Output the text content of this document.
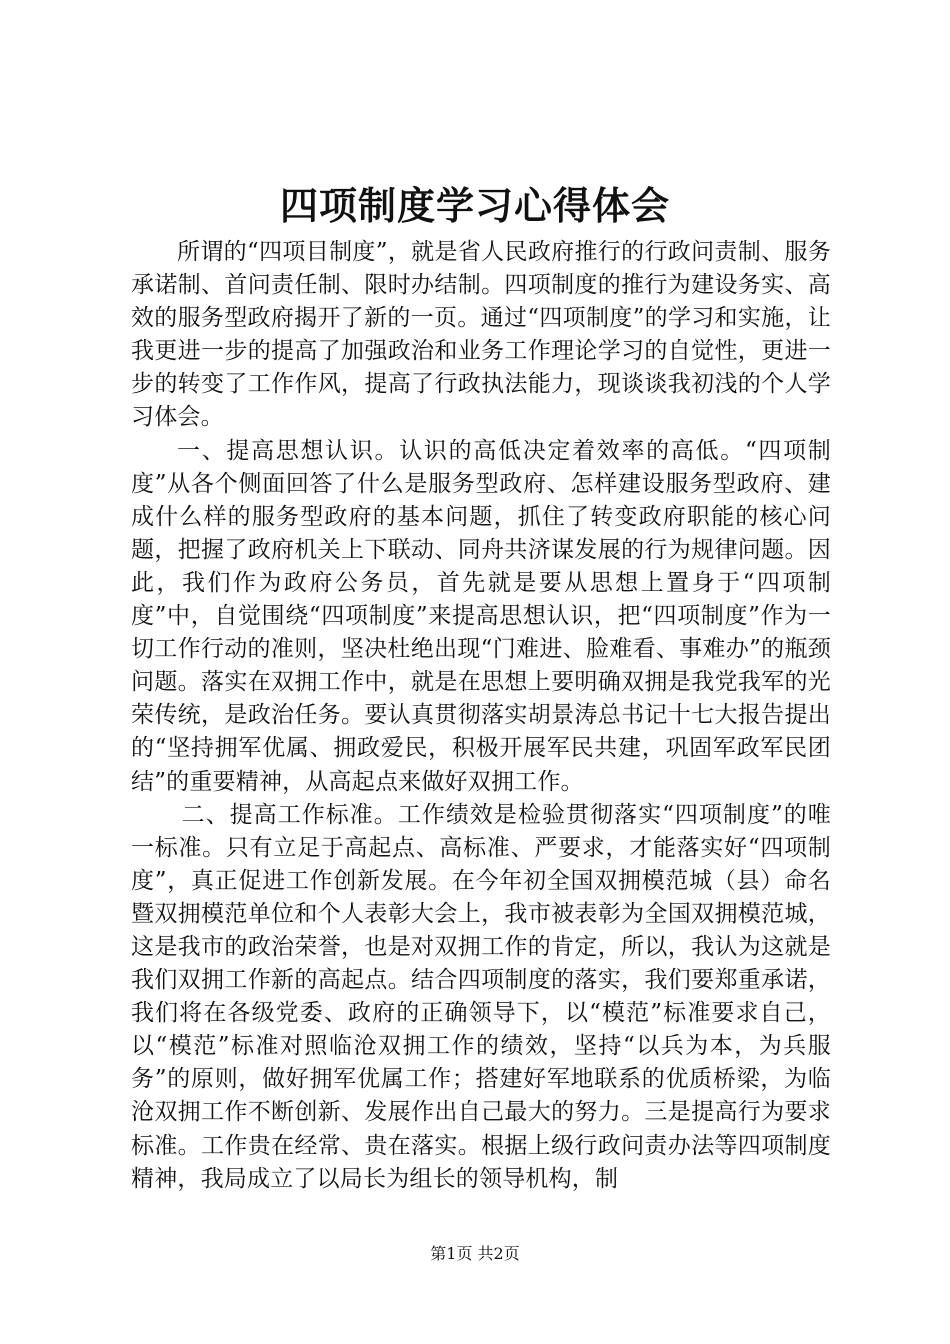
四项制度学习心得体会

所谓的“四项目制度”，就是省人民政府推行的行政问责制、服务承诺制、首问责任制、限时办结制。四项制度的推行为建设务实、高效的服务型政府揭开了新的一页。通过“四项制度”的学习和实施，让我更进一步的提高了加强政治和业务工作理论学习的自觉性，更进一步的转变了工作作风，提高了行政执法能力，现谈谈我初浅的个人学习体会。

一、提高思想认识。认识的高低决定着效率的高低。“四项制度”从各个侧面回答了什么是服务型政府、怎样建设服务型政府、建成什么样的服务型政府的基本问题，抓住了转变政府职能的核心问题，把握了政府机关上下联动、同舟共济谋发展的行为规律问题。因此，我们作为政府公务员，首先就是要从思想上置身于“四项制度”中，自觉围绕“四项制度”来提高思想认识，把“四项制度”作为一切工作行动的准则，坚决杜绝出现“门难进、脸难看、事难办”的瓶颈问题。落实在双拥工作中，就是在思想上要明确双拥是我党我军的光荣传统，是政治任务。要认真贯彻落实胡景涛总书记十七大报告提出的“坚持拥军优属、拥政爱民，积极开展军民共建，巩固军政军民团结”的重要精神，从高起点来做好双拥工作。

二、提高工作标准。工作绩效是检验贯彻落实“四项制度”的唯一标准。只有立足于高起点、高标准、严要求，才能落实好“四项制度”，真正促进工作创新发展。在今年初全国双拥模范城（县）命名暨双拥模范单位和个人表彰大会上，我市被表彰为全国双拥模范城，这是我市的政治荣誉，也是对双拥工作的肯定，所以，我认为这就是我们双拥工作新的高起点。结合四项制度的落实，我们要郑重承诺，我们将在各级党委、政府的正确领导下，以“模范”标准要求自己，以“模范”标准对照临沧双拥工作的绩效，坚持“以兵为本，为兵服务”的原则，做好拥军优属工作；搭建好军地联系的优质桥梁，为临沧双拥工作不断创新、发展作出自己最大的努力。三是提高行为要求标准。工作贵在经常、贵在落实。根据上级行政问责办法等四项制度精神，我局成立了以局长为组长的领导机构，制

第1页 共2页
